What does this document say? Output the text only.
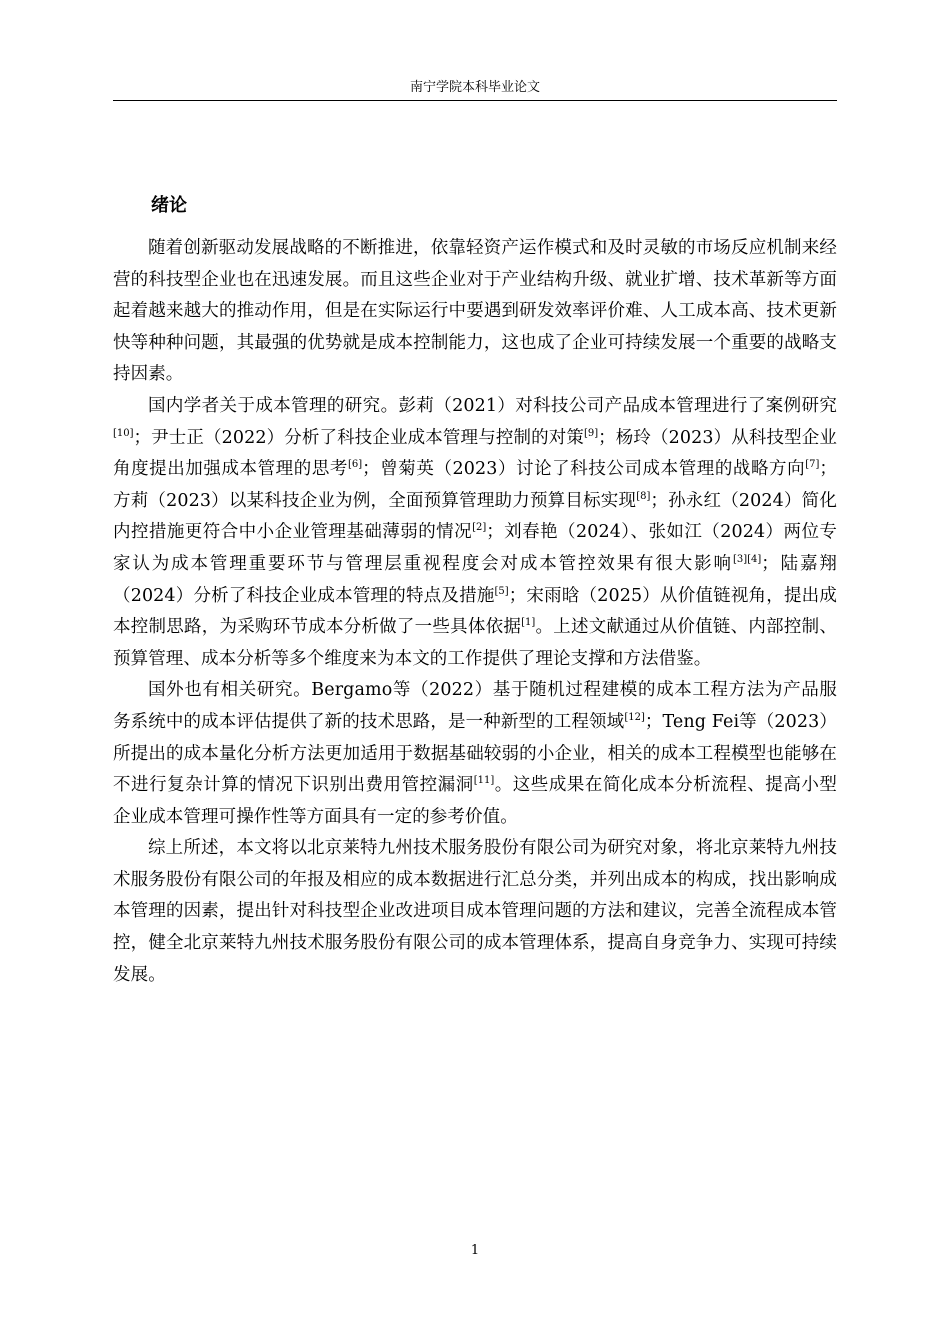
南宁学院本科毕业论文
绪论

随着创新驱动发展战略的不断推进，依靠轻资产运作模式和及时灵敏的市场反应机制来经营的科技型企业也在迅速发展。而且这些企业对于产业结构升级、就业扩增、技术革新等方面起着越来越大的推动作用，但是在实际运行中要遇到研发效率评价难、人工成本高、技术更新快等种种问题，其最强的优势就是成本控制能力，这也成了企业可持续发展一个重要的战略支持因素。

国内学者关于成本管理的研究。彭莉（2021）对科技公司产品成本管理进行了案例研究[10]；尹士正（2022）分析了科技企业成本管理与控制的对策[9]；杨玲（2023）从科技型企业角度提出加强成本管理的思考[6]；曾菊英（2023）讨论了科技公司成本管理的战略方向[7]；方莉（2023）以某科技企业为例，全面预算管理助力预算目标实现[8]；孙永红（2024）简化内控措施更符合中小企业管理基础薄弱的情况[2]；刘春艳（2024）、张如江（2024）两位专家认为成本管理重要环节与管理层重视程度会对成本管控效果有很大影响[3][4]；陆嘉翔（2024）分析了科技企业成本管理的特点及措施[5]；宋雨晗（2025）从价值链视角，提出成本控制思路，为采购环节成本分析做了一些具体依据[1]。上述文献通过从价值链、内部控制、预算管理、成本分析等多个维度来为本文的工作提供了理论支撑和方法借鉴。

国外也有相关研究。Bergamo等（2022）基于随机过程建模的成本工程方法为产品服务系统中的成本评估提供了新的技术思路，是一种新型的工程领域[12]；Teng Fei等（2023）所提出的成本量化分析方法更加适用于数据基础较弱的小企业，相关的成本工程模型也能够在不进行复杂计算的情况下识别出费用管控漏洞[11]。这些成果在简化成本分析流程、提高小型企业成本管理可操作性等方面具有一定的参考价值。

综上所述，本文将以北京莱特九州技术服务股份有限公司为研究对象，将北京莱特九州技术服务股份有限公司的年报及相应的成本数据进行汇总分类，并列出成本的构成，找出影响成本管理的因素，提出针对科技型企业改进项目成本管理问题的方法和建议，完善全流程成本管控，健全北京莱特九州技术服务股份有限公司的成本管理体系，提高自身竞争力、实现可持续发展。

1
